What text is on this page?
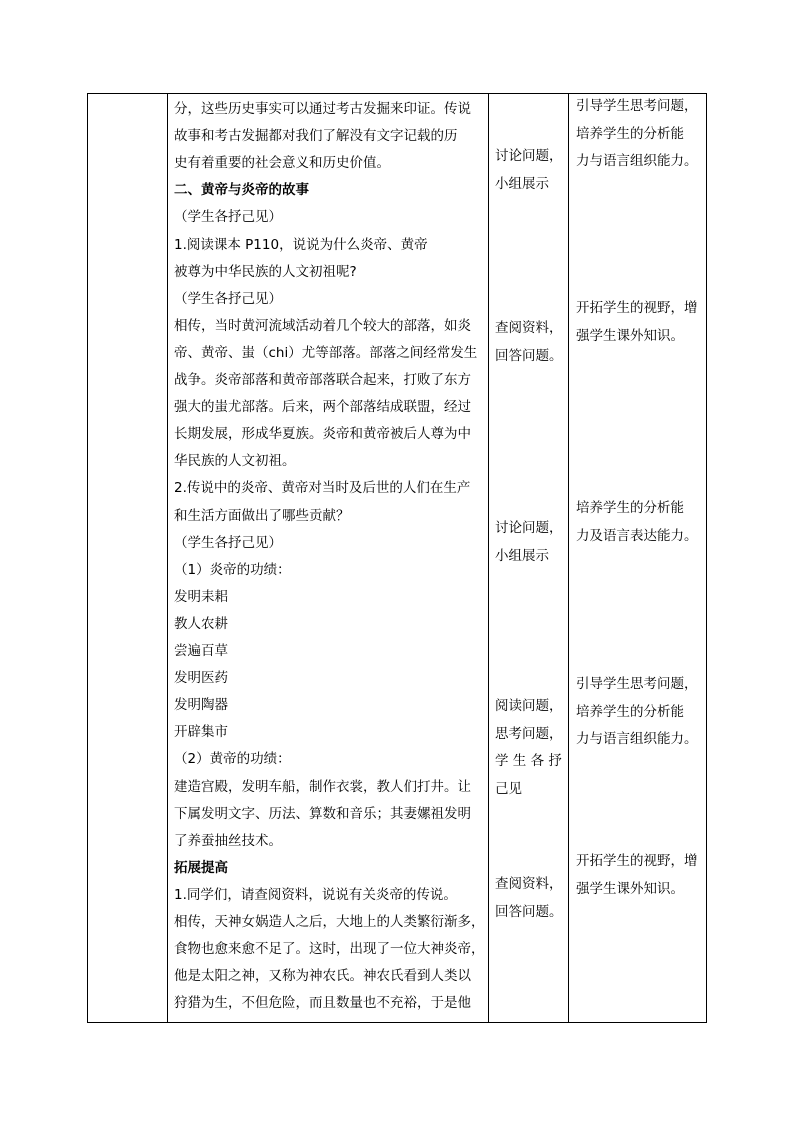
分，这些历史事实可以通过考古发掘来印证。传说
故事和考古发掘都对我们了解没有文字记载的历
史有着重要的社会意义和历史价值。
二、黄帝与炎帝的故事
（学生各抒己见）
1.阅读课本 P110，说说为什么炎帝、黄帝
被尊为中华民族的人文初祖呢?
（学生各抒己见）
相传，当时黄河流域活动着几个较大的部落，如炎
帝、黄帝、蚩（chi）尤等部落。部落之间经常发生
战争。炎帝部落和黄帝部落联合起来，打败了东方
强大的蚩尤部落。后来，两个部落结成联盟，经过
长期发展，形成华夏族。炎帝和黄帝被后人尊为中
华民族的人文初祖。
2.传说中的炎帝、黄帝对当时及后世的人们在生产
和生活方面做出了哪些贡献？
（学生各抒己见）
（1）炎帝的功绩：
发明耒耜
教人农耕
尝遍百草
发明医药
发明陶器
开辟集市
（2）黄帝的功绩：
建造宫殿，发明车船，制作衣裳，教人们打井。让
下属发明文字、历法、算数和音乐；其妻嫘祖发明
了养蚕抽丝技术。
拓展提高
1.同学们，请查阅资料，说说有关炎帝的传说。
相传，天神女娲造人之后，大地上的人类繁衍渐多，
食物也愈来愈不足了。这时，出现了一位大神炎帝，
他是太阳之神，又称为神农氏。神农氏看到人类以
狩猎为生，不但危险，而且数量也不充裕，于是他
讨论问题，
小组展示
查阅资料，
回答问题。
讨论问题，
小组展示
阅读问题，
思考问题，
学 生 各 抒
己见
查阅资料，
回答问题。
引导学生思考问题，
培养学生的分析能
力与语言组织能力。
开拓学生的视野，增
强学生课外知识。
培养学生的分析能
力及语言表达能力。
引导学生思考问题，
培养学生的分析能
力与语言组织能力。
开拓学生的视野，增
强学生课外知识。
